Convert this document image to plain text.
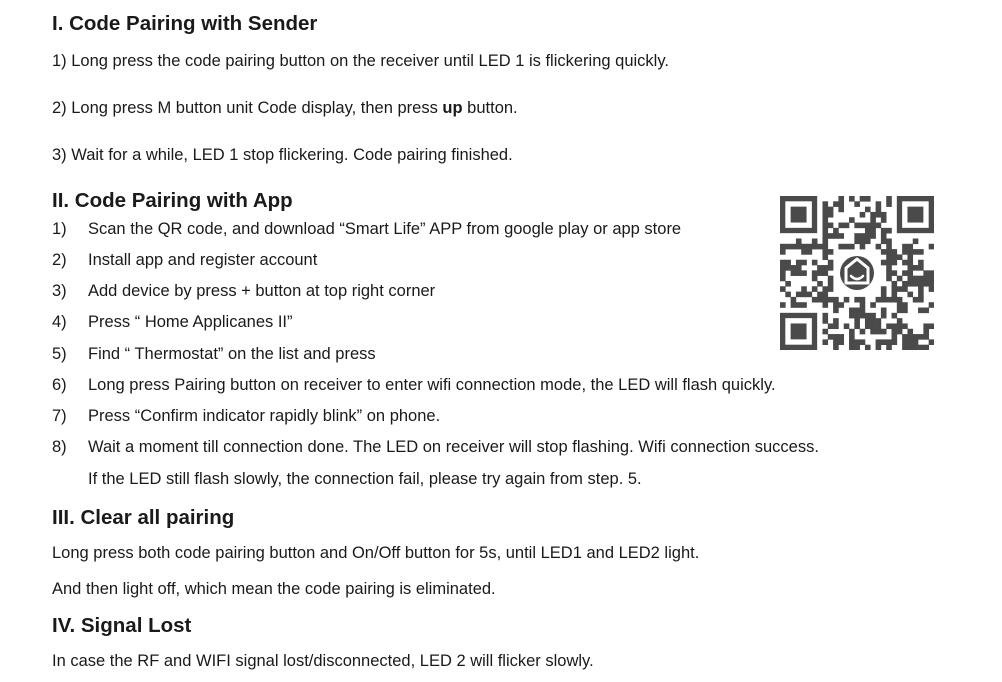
I. Code Pairing with Sender

1) Long press the code pairing button on the receiver until LED 1 is flickering quickly.

2) Long press M button unit Code display, then press up button.

3) Wait for a while, LED 1 stop flickering. Code pairing finished.

II. Code Pairing with App

1) Scan the QR code, and download “Smart Life” APP from google play or app store

2) Install app and register account

3) Add device by press + button at top right corner

4) Press “ Home Applicanes II”

5) Find “ Thermostat” on the list and press

6) Long press Pairing button on receiver to enter wifi connection mode, the LED will flash quickly.

7) Press “Confirm indicator rapidly blink” on phone.

8) Wait a moment till connection done. The LED on receiver will stop flashing. Wifi connection success.

If the LED still flash slowly, the connection fail, please try again from step. 5.

III. Clear all pairing

Long press both code pairing button and On/Off button for 5s, until LED1 and LED2 light.

And then light off, which mean the code pairing is eliminated.

IV. Signal Lost

In case the RF and WIFI signal lost/disconnected, LED 2 will flicker slowly.
